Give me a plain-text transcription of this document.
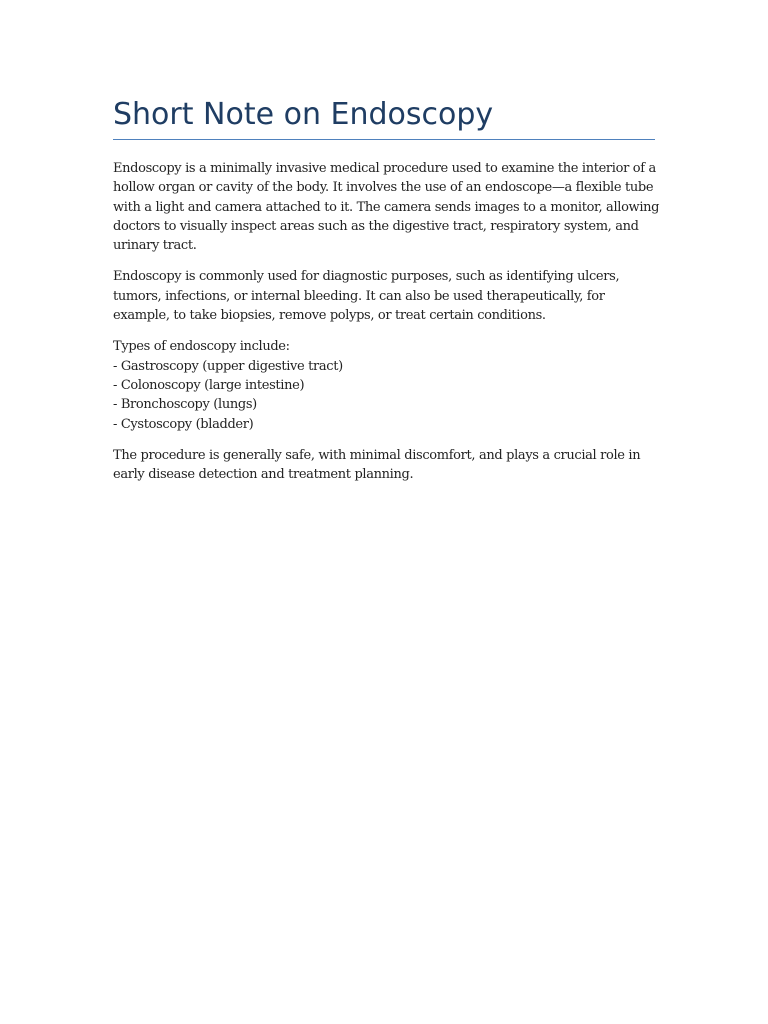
Short Note on Endoscopy

Endoscopy is a minimally invasive medical procedure used to examine the interior of a hollow organ or cavity of the body. It involves the use of an endoscope—a flexible tube with a light and camera attached to it. The camera sends images to a monitor, allowing doctors to visually inspect areas such as the digestive tract, respiratory system, and urinary tract.

Endoscopy is commonly used for diagnostic purposes, such as identifying ulcers, tumors, infections, or internal bleeding. It can also be used therapeutically, for example, to take biopsies, remove polyps, or treat certain conditions.

Types of endoscopy include:
- Gastroscopy (upper digestive tract)
- Colonoscopy (large intestine)
- Bronchoscopy (lungs)
- Cystoscopy (bladder)

The procedure is generally safe, with minimal discomfort, and plays a crucial role in early disease detection and treatment planning.
